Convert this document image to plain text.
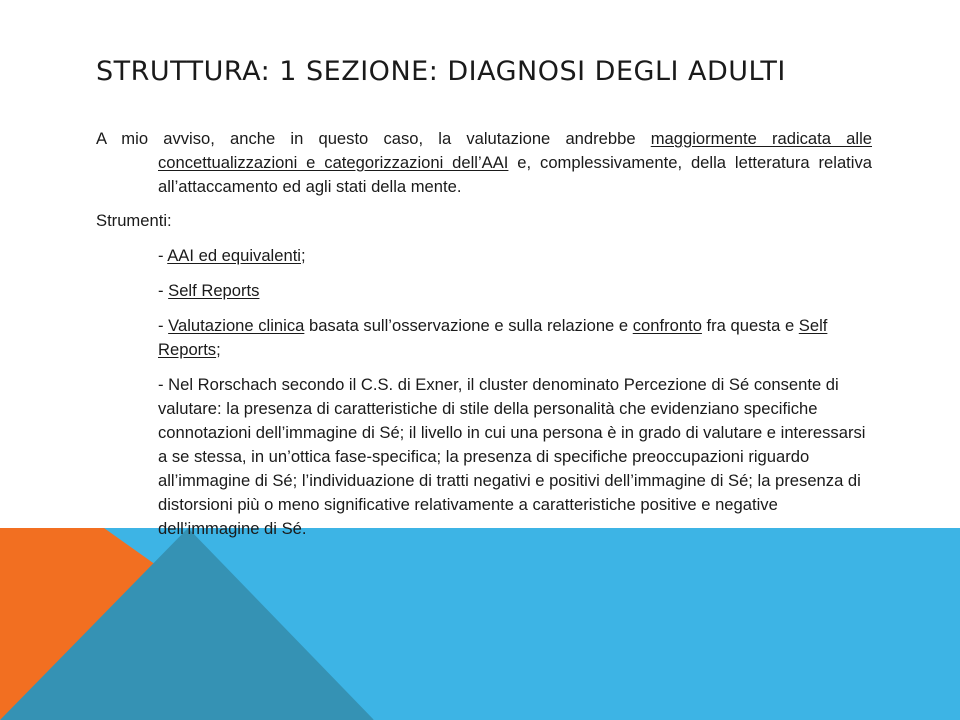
STRUTTURA: 1 SEZIONE: DIAGNOSI DEGLI ADULTI

A mio avviso, anche in questo caso, la valutazione andrebbe maggiormente radicata alle concettualizzazioni e categorizzazioni dell’AAI e, complessivamente, della letteratura relativa all’attaccamento ed agli stati della mente.

Strumenti:

- AAI ed equivalenti;

- Self Reports

- Valutazione clinica basata sull’osservazione e sulla relazione e confronto fra questa e Self Reports;

- Nel Rorschach secondo il C.S. di Exner, il cluster denominato Percezione di Sé consente di valutare: la presenza di caratteristiche di stile della personalità che evidenziano specifiche connotazioni dell’immagine di Sé; il livello in cui una persona è in grado di valutare e interessarsi a se stessa, in un’ottica fase-specifica; la presenza di specifiche preoccupazioni riguardo all’immagine di Sé; l’individuazione di tratti negativi e positivi dell’immagine di Sé; la presenza di distorsioni più o meno significative relativamente a caratteristiche positive e negative dell’immagine di Sé.
